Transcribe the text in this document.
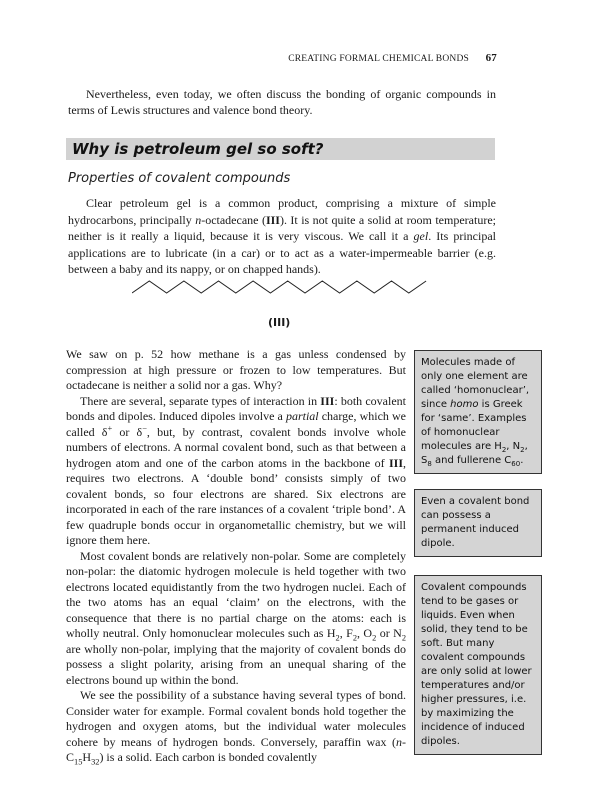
CREATING FORMAL CHEMICAL BONDS 67
Nevertheless, even today, we often discuss the bonding of organic compounds in terms of Lewis structures and valence bond theory.
Why is petroleum gel so soft?
Properties of covalent compounds
Clear petroleum gel is a common product, comprising a mixture of simple hydrocarbons, principally n-octadecane (III). It is not quite a solid at room temperature; neither is it really a liquid, because it is very viscous. We call it a gel. Its principal applications are to lubricate (in a car) or to act as a water-impermeable barrier (e.g. between a baby and its nappy, or on chapped hands).
(III)

We saw on p. 52 how methane is a gas unless condensed by compression at high pressure or frozen to low temperatures. But octadecane is neither a solid nor a gas. Why?

There are several, separate types of interaction in III: both covalent bonds and dipoles. Induced dipoles involve a partial charge, which we called δ+ or δ−, but, by contrast, covalent bonds involve whole numbers of electrons. A normal covalent bond, such as that between a hydrogen atom and one of the carbon atoms in the backbone of III, requires two electrons. A ‘double bond’ consists simply of two covalent bonds, so four electrons are shared. Six electrons are incorporated in each of the rare instances of a covalent ‘triple bond’. A few quadruple bonds occur in organometallic chemistry, but we will ignore them here.

Most covalent bonds are relatively non-polar. Some are completely non-polar: the diatomic hydrogen molecule is held together with two electrons located equidistantly from the two hydrogen nuclei. Each of the two atoms has an equal ‘claim’ on the electrons, with the consequence that there is no partial charge on the atoms: each is wholly neutral. Only homonuclear molecules such as $H_2$, $F_2$, $O_2$ or $N_2$ are wholly non-polar, implying that the majority of covalent bonds do possess a slight polarity, arising from an unequal sharing of the electrons bound up within the bond.

We see the possibility of a substance having several types of bond. Consider water for example. Formal covalent bonds hold together the hydrogen and oxygen atoms, but the individual water molecules cohere by means of hydrogen bonds. Conversely, paraffin wax $(n-C_{15}H_{32})$ is a solid. Each carbon is bonded covalently

Molecules made of only one element are called ‘homonuclear’, since homo is Greek for ‘same’. Examples of homonuclear molecules are $H_2$, $N_2$, $S_8$ and fullerene $C_{60}$.
Even a covalent bond can possess a permanent induced dipole.
Covalent compounds tend to be gases or liquids. Even when solid, they tend to be soft. But many covalent compounds are only solid at lower temperatures and/or higher pressures, i.e. by maximizing the incidence of induced dipoles.
